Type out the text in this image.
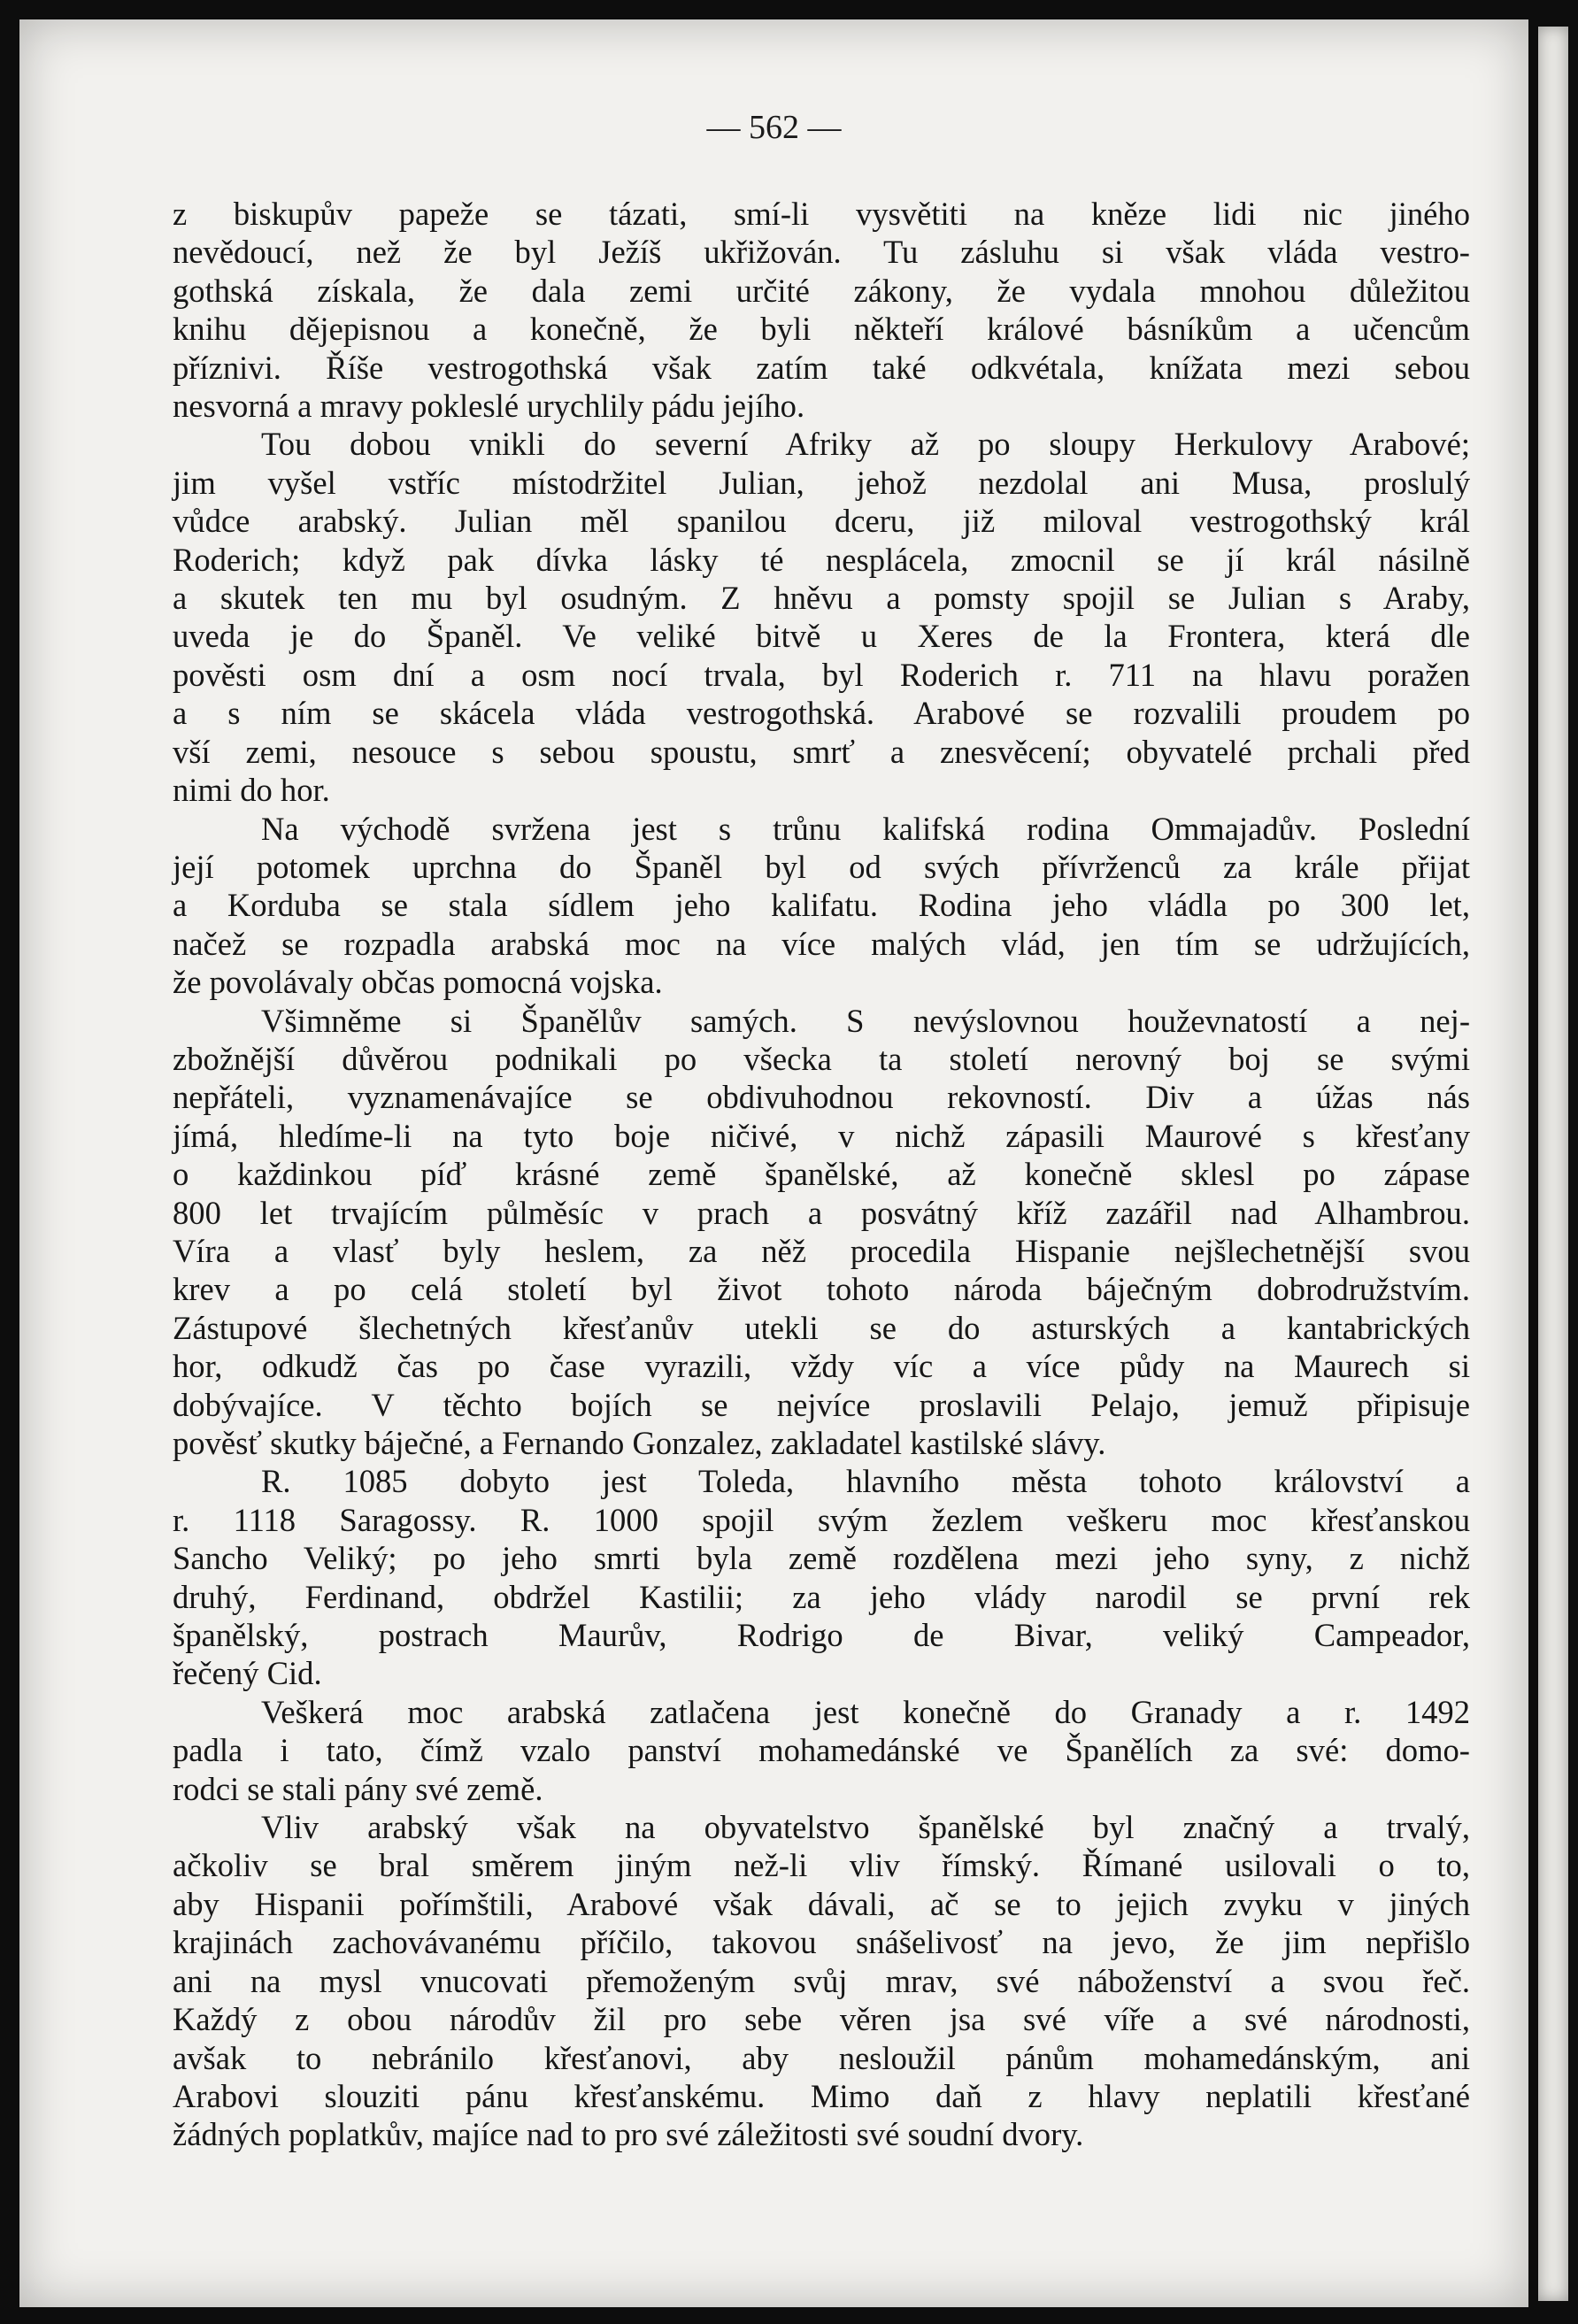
— 562 —

z biskupův papeže se tázati, smí-li vysvětiti na kněze lidi nic jiného
nevědoucí, než že byl Ježíš ukřižován. Tu zásluhu si však vláda vestro-
gothská získala, že dala zemi určité zákony, že vydala mnohou důležitou
knihu dějepisnou a konečně, že byli někteří králové básníkům a učencům
příznivi. Říše vestrogothská však zatím také odkvétala, knížata mezi sebou
nesvorná a mravy pokleslé urychlily pádu jejího.

Tou dobou vnikli do severní Afriky až po sloupy Herkulovy Arabové;
jim vyšel vstříc místodržitel Julian, jehož nezdolal ani Musa, proslulý
vůdce arabský. Julian měl spanilou dceru, již miloval vestrogothský král
Roderich; když pak dívka lásky té nesplácela, zmocnil se jí král násilně
a skutek ten mu byl osudným. Z hněvu a pomsty spojil se Julian s Araby,
uveda je do Španěl. Ve veliké bitvě u Xeres de la Frontera, která dle
pověsti osm dní a osm nocí trvala, byl Roderich r. 711 na hlavu poražen
a s ním se skácela vláda vestrogothská. Arabové se rozvalili proudem po
vší zemi, nesouce s sebou spoustu, smrť a znesvěcení; obyvatelé prchali před
nimi do hor.

Na východě svržena jest s trůnu kalifská rodina Ommajadův. Poslední
její potomek uprchna do Španěl byl od svých přívrženců za krále přijat
a Korduba se stala sídlem jeho kalifatu. Rodina jeho vládla po 300 let,
načež se rozpadla arabská moc na více malých vlád, jen tím se udržujících,
že povolávaly občas pomocná vojska.

Všimněme si Španělův samých. S nevýslovnou houževnatostí a nej-
zbožnější důvěrou podnikali po všecka ta století nerovný boj se svými
nepřáteli, vyznamenávajíce se obdivuhodnou rekovností. Div a úžas nás
jímá, hledíme-li na tyto boje ničivé, v nichž zápasili Maurové s křesťany
o každinkou píď krásné země španělské, až konečně sklesl po zápase
800 let trvajícím půlměsíc v prach a posvátný kříž zazářil nad Alhambrou.
Víra a vlasť byly heslem, za něž procedila Hispanie nejšlechetnější svou
krev a po celá století byl život tohoto národa báječným dobrodružstvím.
Zástupové šlechetných křesťanův utekli se do asturských a kantabrických
hor, odkudž čas po čase vyrazili, vždy víc a více půdy na Maurech si
dobývajíce. V těchto bojích se nejvíce proslavili Pelajo, jemuž připisuje
pověsť skutky báječné, a Fernando Gonzalez, zakladatel kastilské slávy.

R. 1085 dobyto jest Toleda, hlavního města tohoto království a
r. 1118 Saragossy. R. 1000 spojil svým žezlem veškeru moc křesťanskou
Sancho Veliký; po jeho smrti byla země rozdělena mezi jeho syny, z nichž
druhý, Ferdinand, obdržel Kastilii; za jeho vlády narodil se první rek
španělský, postrach Maurův, Rodrigo de Bivar, veliký Campeador,
řečený Cid.

Veškerá moc arabská zatlačena jest konečně do Granady a r. 1492
padla i tato, čímž vzalo panství mohamedánské ve Španělích za své: domo-
rodci se stali pány své země.

Vliv arabský však na obyvatelstvo španělské byl značný a trvalý,
ačkoliv se bral směrem jiným než-li vliv římský. Římané usilovali o to,
aby Hispanii pořímštili, Arabové však dávali, ač se to jejich zvyku v jiných
krajinách zachovávanému příčilo, takovou snášelivosť na jevo, že jim nepřišlo
ani na mysl vnucovati přemoženým svůj mrav, své náboženství a svou řeč.
Každý z obou národův žil pro sebe věren jsa své víře a své národnosti,
avšak to nebránilo křesťanovi, aby nesloužil pánům mohamedánským, ani
Arabovi slouziti pánu křesťanskému. Mimo daň z hlavy neplatili křesťané
žádných poplatkův, majíce nad to pro své záležitosti své soudní dvory.
